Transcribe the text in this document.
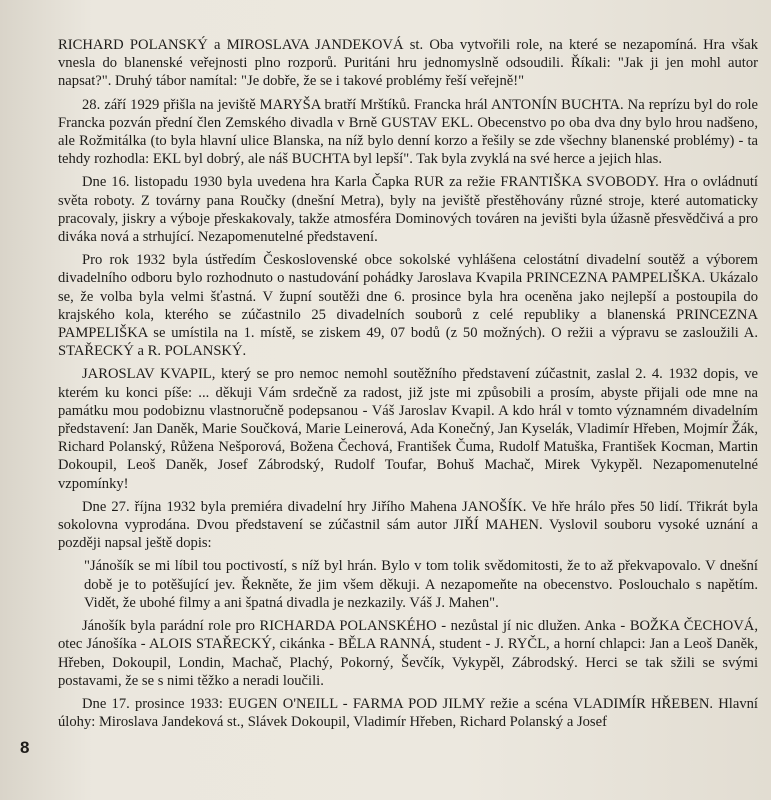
RICHARD POLANSKÝ a MIROSLAVA JANDEKOVÁ st. Oba vytvořili role, na které se nezapomíná. Hra však vnesla do blanenské veřejnosti plno rozporů. Puritáni hru jednomyslně odsoudili. Říkali: "Jak ji jen mohl autor napsat?". Druhý tábor namítal: "Je dobře, že se i takové problémy řeší veřejně!"

28. září 1929 přišla na jeviště MARYŠA bratří Mrštíků. Francka hrál ANTONÍN BUCHTA. Na reprízu byl do role Francka pozván přední člen Zemského divadla v Brně GUSTAV EKL. Obecenstvo po oba dva dny bylo hrou nadšeno, ale Rožmitálka (to byla hlavní ulice Blanska, na níž bylo denní korzo a řešily se zde všechny blanenské problémy) - ta tehdy rozhodla: EKL byl dobrý, ale náš BUCHTA byl lepší". Tak byla zvyklá na své herce a jejich hlas.

Dne 16. listopadu 1930 byla uvedena hra Karla Čapka RUR za režie FRANTIŠKA SVOBODY. Hra o ovládnutí světa roboty. Z továrny pana Roučky (dnešní Metra), byly na jeviště přestěhovány různé stroje, které automaticky pracovaly, jiskry a výboje přeskakovaly, takže atmosféra Dominových továren na jevišti byla úžasně přesvědčivá a pro diváka nová a strhující. Nezapomenutelné představení.

Pro rok 1932 byla ústředím Československé obce sokolské vyhlášena celostátní divadelní soutěž a výborem divadelního odboru bylo rozhodnuto o nastudování pohádky Jaroslava Kvapila PRINCEZNA PAMPELIŠKA. Ukázalo se, že volba byla velmi šťastná. V župní soutěži dne 6. prosince byla hra oceněna jako nejlepší a postoupila do krajského kola, kterého se zúčastnilo 25 divadelních souborů z celé republiky a blanenská PRINCEZNA PAMPELIŠKA se umístila na 1. místě, se ziskem 49, 07 bodů (z 50 možných). O režii a výpravu se zasloužili A. STAŘECKÝ a R. POLANSKÝ.

JAROSLAV KVAPIL, který se pro nemoc nemohl soutěžního představení zúčastnit, zaslal 2. 4. 1932 dopis, ve kterém ku konci píše: ... děkuji Vám srdečně za radost, již jste mi způsobili a prosím, abyste přijali ode mne na památku mou podobiznu vlastnoručně podepsanou - Váš Jaroslav Kvapil. A kdo hrál v tomto významném divadelním představení: Jan Daněk, Marie Součková, Marie Leinerová, Ada Konečný, Jan Kyselák, Vladimír Hřeben, Mojmír Žák, Richard Polanský, Růžena Nešporová, Božena Čechová, František Čuma, Rudolf Matuška, František Kocman, Martin Dokoupil, Leoš Daněk, Josef Zábrodský, Rudolf Toufar, Bohuš Machač, Mirek Vykypěl. Nezapomenutelné vzpomínky!

Dne 27. října 1932 byla premiéra divadelní hry Jiřího Mahena JANOŠÍK. Ve hře hrálo přes 50 lidí. Třikrát byla sokolovna vyprodána. Dvou představení se zúčastnil sám autor JIŘÍ MAHEN. Vyslovil souboru vysoké uznání a později napsal ještě dopis:

"Jánošík se mi líbil tou poctivostí, s níž byl hrán. Bylo v tom tolik svědomitosti, že to až překvapovalo. V dnešní době je to potěšující jev. Řekněte, že jim všem děkuji. A nezapomeňte na obecenstvo. Poslouchalo s napětím. Vidět, že ubohé filmy a ani špatná divadla je nezkazily. Váš J. Mahen".

Jánošík byla parádní role pro RICHARDA POLANSKÉHO - nezůstal jí nic dlužen. Anka - BOŽKA ČECHOVÁ, otec Jánošíka - ALOIS STAŘECKÝ, cikánka - BĚLA RANNÁ, student - J. RYČL, a horní chlapci: Jan a Leoš Daněk, Hřeben, Dokoupil, Londin, Machač, Plachý, Pokorný, Ševčík, Vykypěl, Zábrodský. Herci se tak sžili se svými postavami, že se s nimi těžko a neradi loučili.

Dne 17. prosince 1933: EUGEN O'NEILL - FARMA POD JILMY režie a scéna VLADIMÍR HŘEBEN. Hlavní úlohy: Miroslava Jandeková st., Slávek Dokoupil, Vladimír Hřeben, Richard Polanský a Josef

8
